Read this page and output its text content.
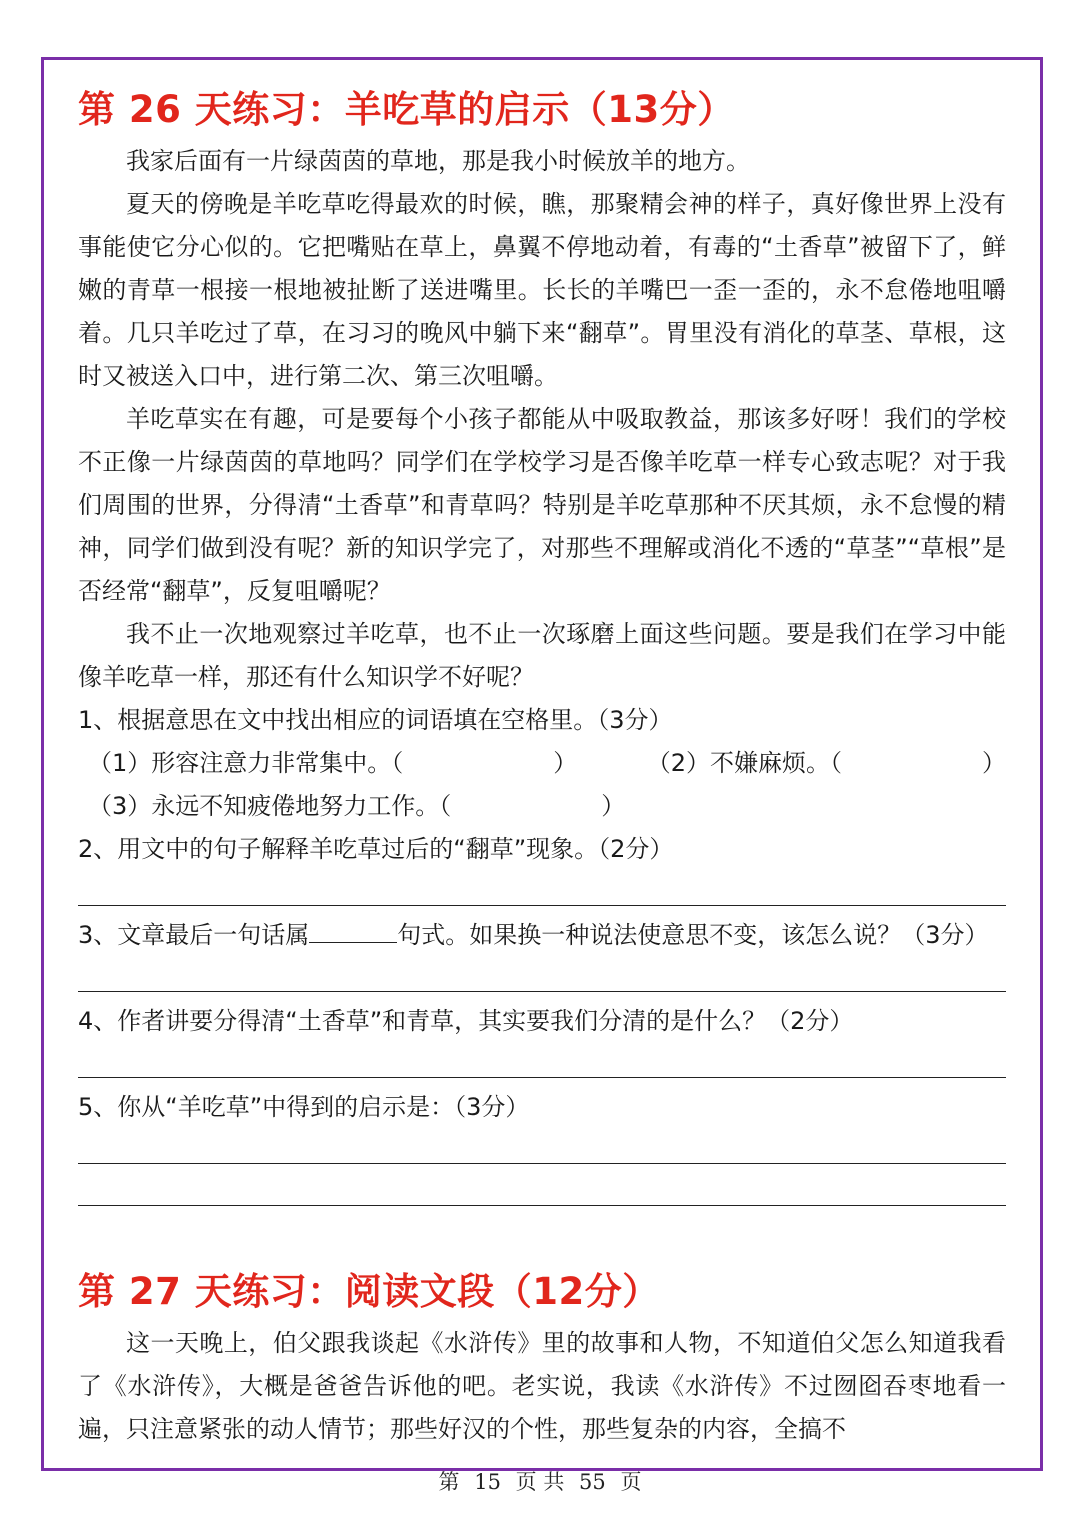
第 26 天练习：羊吃草的启示（13分）

我家后面有一片绿茵茵的草地，那是我小时候放羊的地方。

夏天的傍晚是羊吃草吃得最欢的时候，瞧，那聚精会神的样子，真好像世界上没有事能使它分心似的。它把嘴贴在草上，鼻翼不停地动着，有毒的“土香草”被留下了，鲜嫩的青草一根接一根地被扯断了送进嘴里。长长的羊嘴巴一歪一歪的，永不怠倦地咀嚼着。几只羊吃过了草，在习习的晚风中躺下来“翻草”。胃里没有消化的草茎、草根，这时又被送入口中，进行第二次、第三次咀嚼。

羊吃草实在有趣，可是要每个小孩子都能从中吸取教益，那该多好呀！我们的学校不正像一片绿茵茵的草地吗？同学们在学校学习是否像羊吃草一样专心致志呢？对于我们周围的世界，分得清“土香草”和青草吗？特别是羊吃草那种不厌其烦，永不怠慢的精神，同学们做到没有呢？新的知识学完了，对那些不理解或消化不透的“草茎”“草根”是否经常“翻草”，反复咀嚼呢？

我不止一次地观察过羊吃草，也不止一次琢磨上面这些问题。要是我们在学习中能像羊吃草一样，那还有什么知识学不好呢？

1、根据意思在文中找出相应的词语填在空格里。（3分）

（1）形容注意力非常集中。（	）	（2）不嫌麻烦。（	）
（3）永远不知疲倦地努力工作。（	）

2、用文中的句子解释羊吃草过后的“翻草”现象。（2分）

3、文章最后一句话属	句式。如果换一种说法使意思不变，该怎么说？（3分）

4、作者讲要分得清“土香草”和青草，其实要我们分清的是什么？（2分）

5、你从“羊吃草”中得到的启示是：（3分）

第 27 天练习：阅读文段（12分）

这一天晚上，伯父跟我谈起《水浒传》里的故事和人物，不知道伯父怎么知道我看了《水浒传》，大概是爸爸告诉他的吧。老实说，我读《水浒传》不过囫囵吞枣地看一遍，只注意紧张的动人情节；那些好汉的个性，那些复杂的内容，全搞不

第 15 页 共 55 页
